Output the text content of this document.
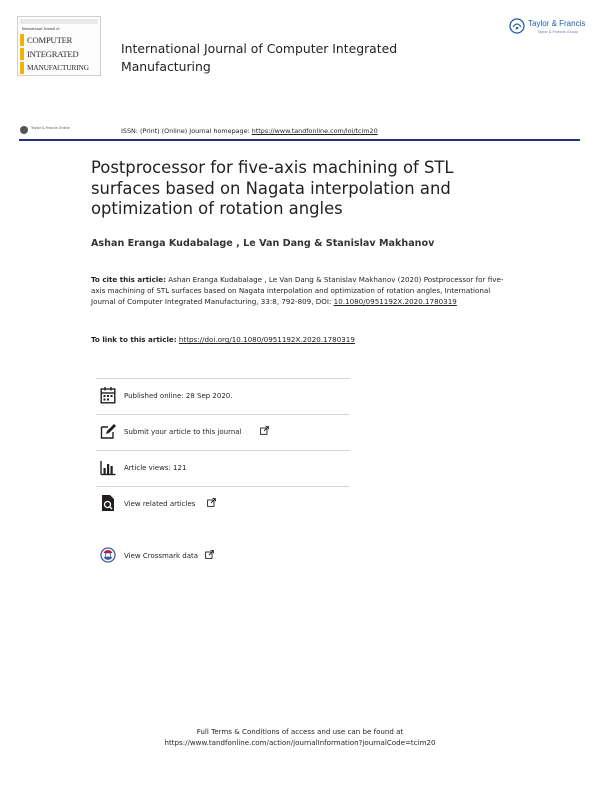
International Journal of
COMPUTER
INTEGRATED
MANUFACTURING
Taylor & Francis
Taylor & Francis Group
International Journal of Computer Integrated Manufacturing
Taylor & Francis Online	ISSN: (Print) (Online) Journal homepage: https://www.tandfonline.com/loi/tcim20
Postprocessor for five-axis machining of STL surfaces based on Nagata interpolation and optimization of rotation angles
Ashan Eranga Kudabalage , Le Van Dang & Stanislav Makhanov
To cite this article: Ashan Eranga Kudabalage , Le Van Dang & Stanislav Makhanov (2020) Postprocessor for five-axis machining of STL surfaces based on Nagata interpolation and optimization of rotation angles, International Journal of Computer Integrated Manufacturing, 33:8, 792-809, DOI: 10.1080/0951192X.2020.1780319
To link to this article: https://doi.org/10.1080/0951192X.2020.1780319
Published online: 28 Sep 2020.
Submit your article to this journal
Article views: 121
View related articles
View Crossmark data
Full Terms & Conditions of access and use can be found at
https://www.tandfonline.com/action/journalInformation?journalCode=tcim20
